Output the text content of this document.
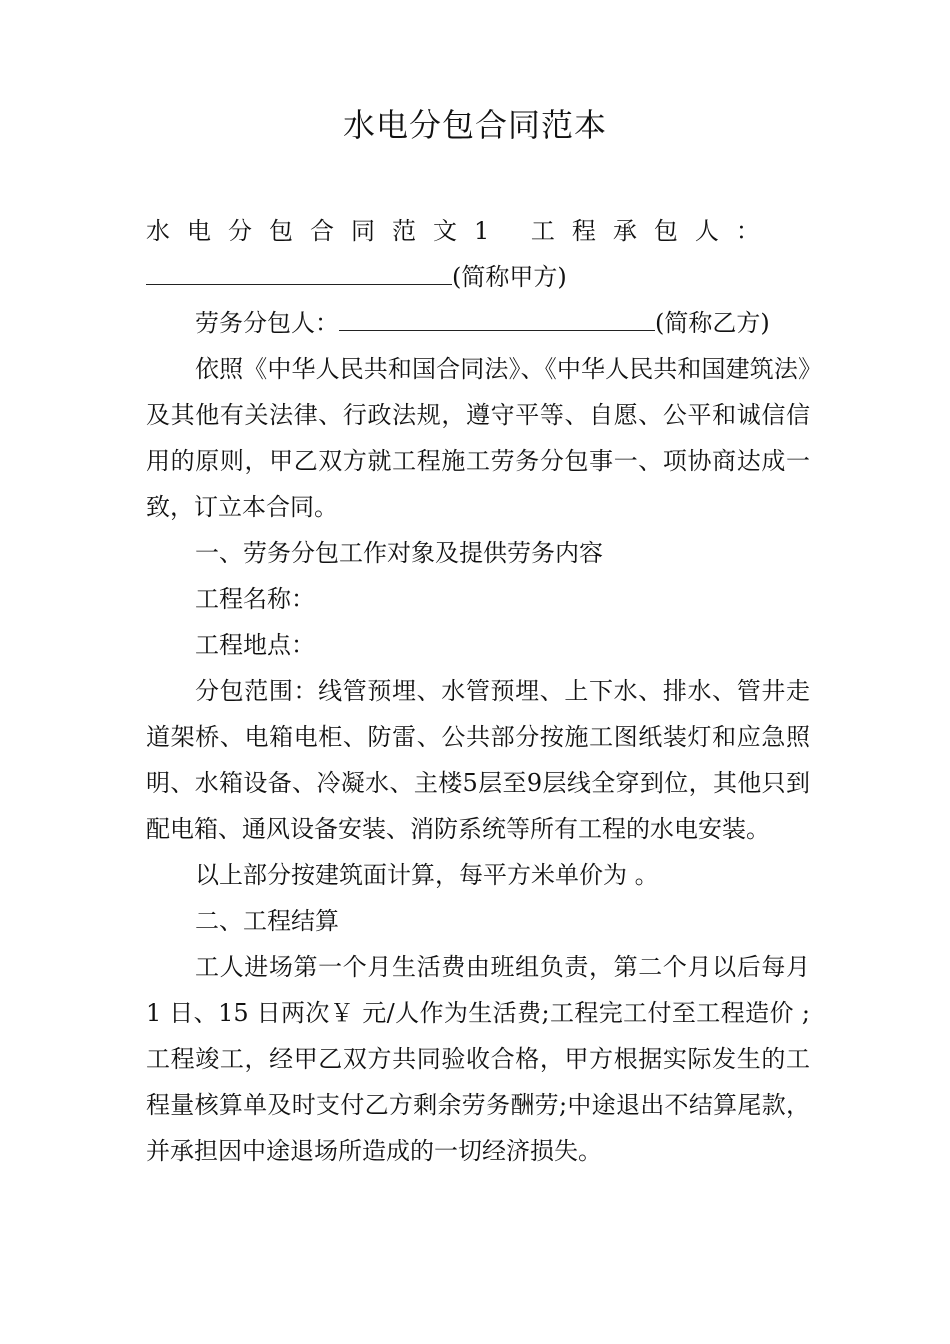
水电分包合同范本

水电分包合同范文1 工程承包人：
(简称甲方)

劳务分包人：	(简称乙方)

依照《中华人民共和国合同法》、《中华人民共和国建筑法》及其他有关法律、行政法规，遵守平等、自愿、公平和诚信信用的原则，甲乙双方就工程施工劳务分包事一、项协商达成一致，订立本合同。

一、劳务分包工作对象及提供劳务内容

工程名称：

工程地点：

分包范围：线管预埋、水管预埋、上下水、排水、管井走道架桥、电箱电柜、防雷、公共部分按施工图纸装灯和应急照明、水箱设备、冷凝水、主楼5层至9层线全穿到位，其他只到配电箱、通风设备安装、消防系统等所有工程的水电安装。

以上部分按建筑面计算，每平方米单价为 。

二、工程结算

工人进场第一个月生活费由班组负责，第二个月以后每月 1 日、15 日两次￥ 元/人作为生活费;工程完工付至工程造价 ;工程竣工，经甲乙双方共同验收合格，甲方根据实际发生的工程量核算单及时支付乙方剩余劳务酬劳;中途退出不结算尾款，并承担因中途退场所造成的一切经济损失。
